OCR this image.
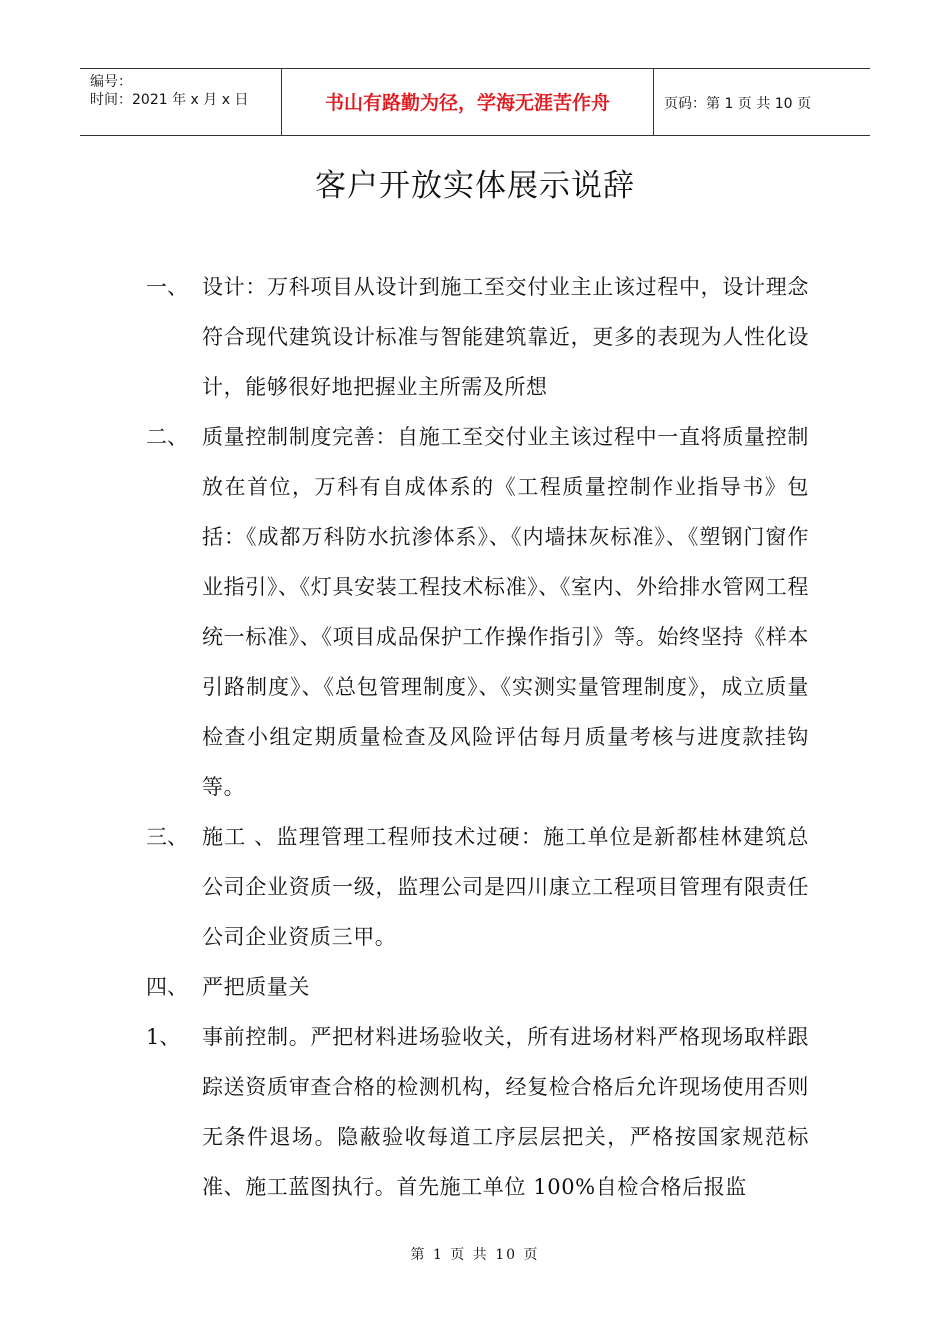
编号：
时间：2021 年 x 月 x 日	书山有路勤为径，学海无涯苦作舟	页码：第 1 页 共 10 页
客户开放实体展示说辞
一、 设计：万科项目从设计到施工至交付业主止该过程中，设计理念符合现代建筑设计标准与智能建筑靠近，更多的表现为人性化设计，能够很好地把握业主所需及所想
二、 质量控制制度完善：自施工至交付业主该过程中一直将质量控制放在首位，万科有自成体系的《工程质量控制作业指导书》包括：《成都万科防水抗渗体系》、《内墙抹灰标准》、《塑钢门窗作业指引》、《灯具安装工程技术标准》、《室内、外给排水管网工程统一标准》、《项目成品保护工作操作指引》等。始终坚持《样本引路制度》、《总包管理制度》、《实测实量管理制度》，成立质量检查小组定期质量检查及风险评估每月质量考核与进度款挂钩等。
三、 施工 、监理管理工程师技术过硬：施工单位是新都桂林建筑总公司企业资质一级，监理公司是四川康立工程项目管理有限责任公司企业资质三甲。
四、 严把质量关
1、 事前控制。严把材料进场验收关，所有进场材料严格现场取样跟踪送资质审查合格的检测机构，经复检合格后允许现场使用否则无条件退场。隐蔽验收每道工序层层把关，严格按国家规范标准、施工蓝图执行。首先施工单位 100%自检合格后报监
第 1 页 共 10 页
